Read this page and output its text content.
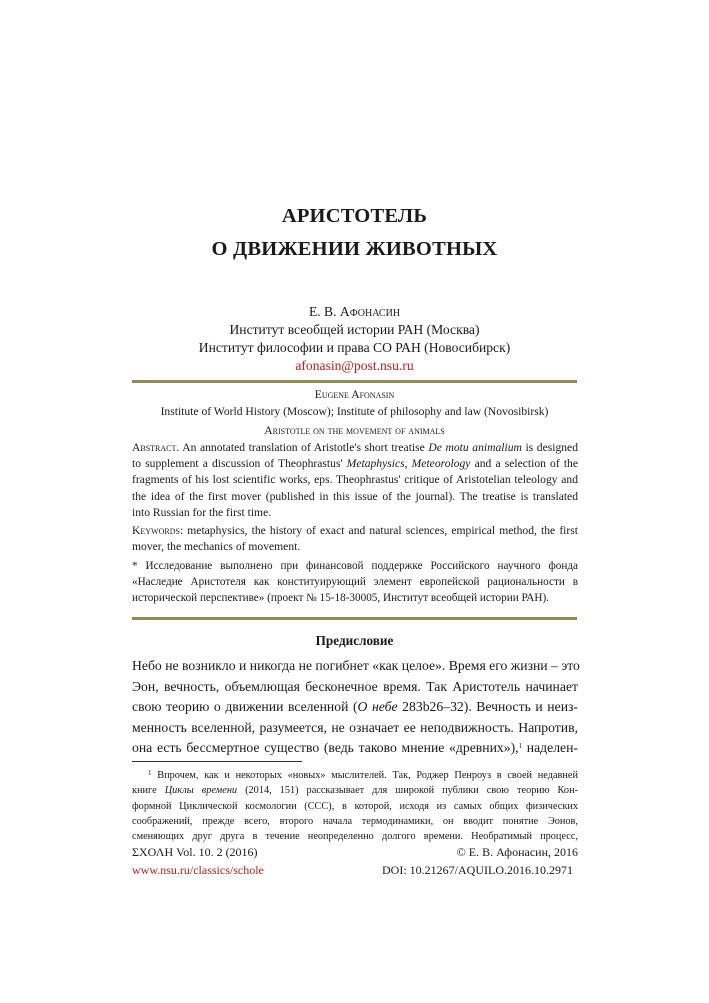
АРИСТОТЕЛЬ
О ДВИЖЕНИИ ЖИВОТНЫХ
Е. В. Афонасин
Институт всеобщей истории РАН (Москва)
Институт философии и права СО РАН (Новосибирск)
afonasin@post.nsu.ru
Eugene Afonasin
Institute of World History (Moscow); Institute of philosophy and law (Novosibirsk)
Aristotle on the movement of animals
Abstract. An annotated translation of Aristotle's short treatise De motu animalium is designed
to supplement a discussion of Theophrastus' Metaphysics, Meteorology and a selection of the
fragments of his lost scientific works, eps. Theophrastus' critique of Aristotelian teleology and
the idea of the first mover (published in this issue of the journal). The treatise is translated
into Russian for the first time.
Keywords: metaphysics, the history of exact and natural sciences, empirical method, the first
mover, the mechanics of movement.
* Исследование выполнено при финансовой поддержке Российского научного фонда
«Наследие Аристотеля как конституирующий элемент европейской рациональности в
исторической перспективе» (проект № 15-18-30005, Институт всеобщей истории РАН).
Предисловие
Небо не возникло и никогда не погибнет «как целое». Время его жизни – это
Эон, вечность, объемлющая бесконечное время. Так Аристотель начинает
свою теорию о движении вселенной (О небе 283b26–32). Вечность и неиз-
менность вселенной, разумеется, не означает ее неподвижность. Напротив,
она есть бессмертное существо (ведь таково мнение «древних»),$^1$ наделен-
$^1$ Впрочем, как и некоторых «новых» мыслителей. Так, Роджер Пенроуз в своей недавней
книге Циклы времени (2014, 151) рассказывает для широкой публики свою теорию Кон-
формной Циклической космологии (CCC), в которой, исходя из самых общих физических
соображений, прежде всего, второго начала термодинамики, он вводит понятие Эонов,
сменяющих друг друга в течение неопределенно долгого времени. Необратимый процесс,
ΣΧΟΛΗ Vol. 10. 2 (2016)	© Е. В. Афонасин, 2016
www.nsu.ru/classics/schole	DOI: 10.21267/AQUILO.2016.10.2971
